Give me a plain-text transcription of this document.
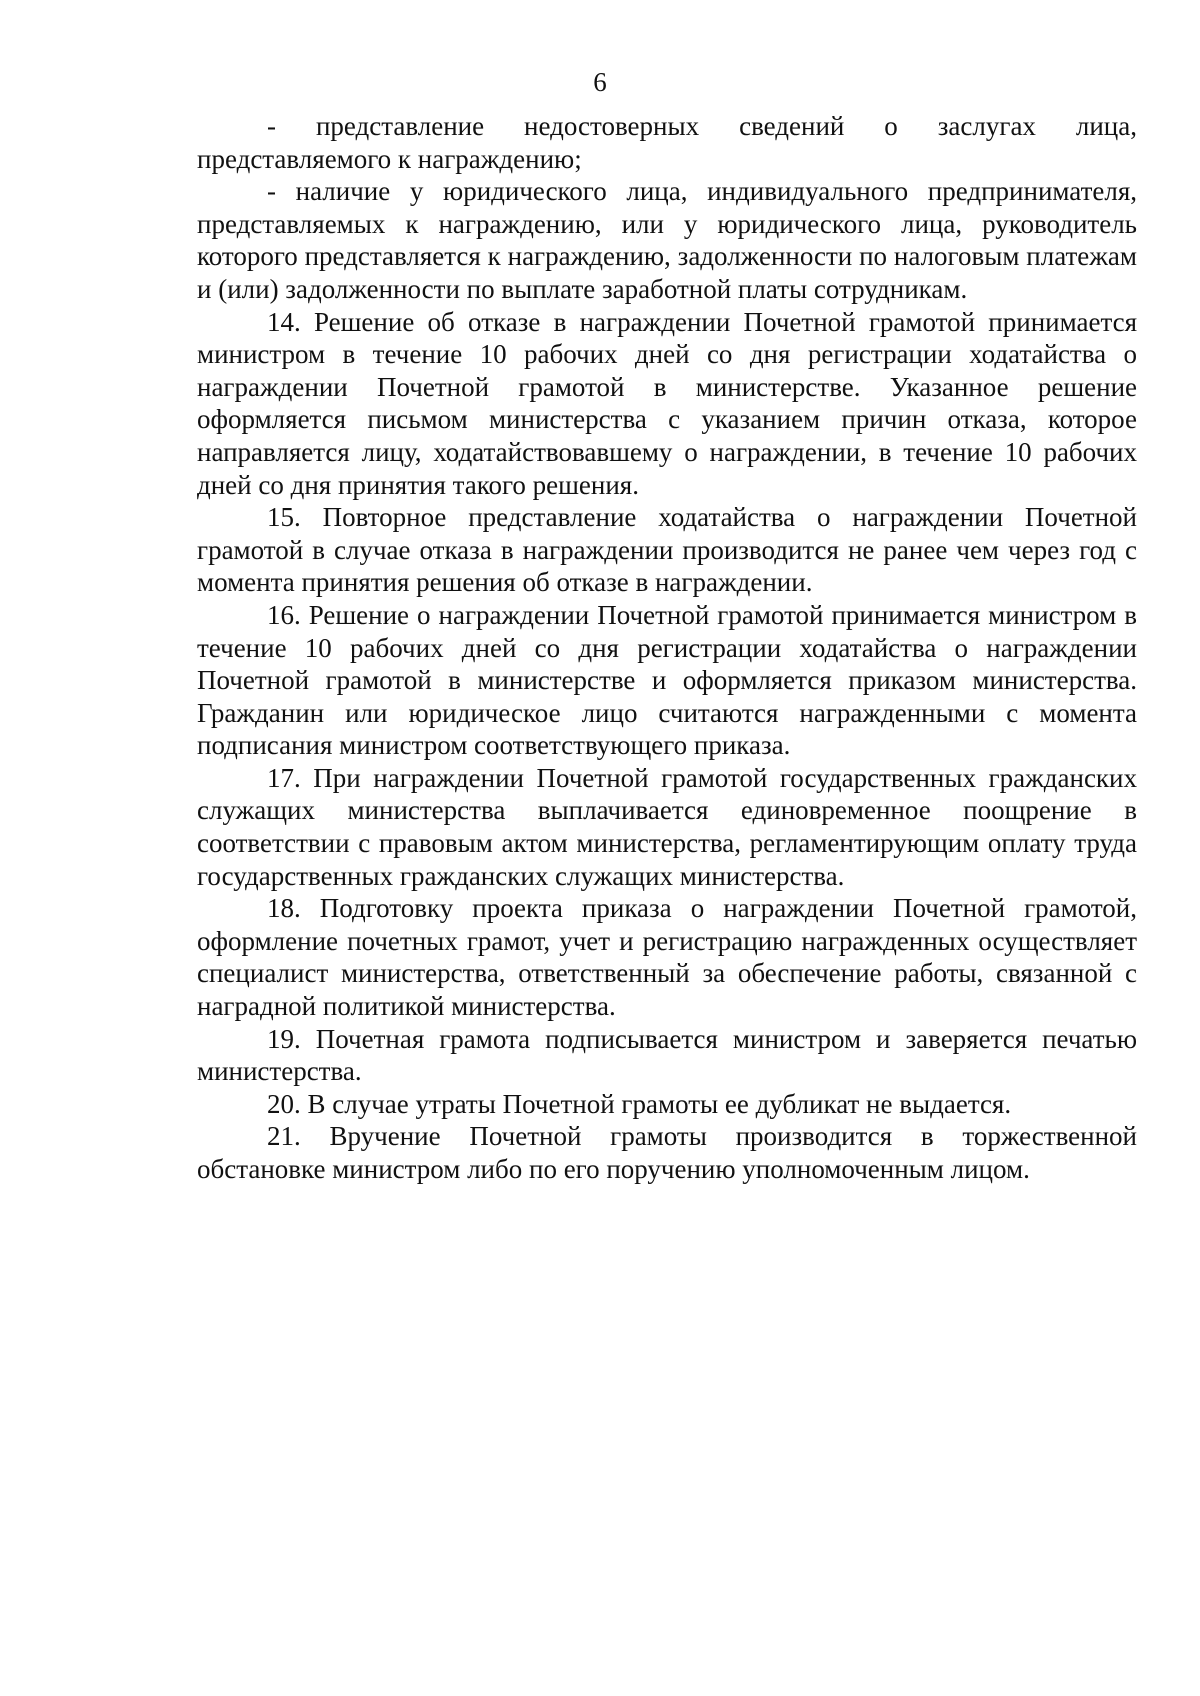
6

- представление недостоверных сведений о заслугах лица, представляемого к награждению;

- наличие у юридического лица, индивидуального предпринимателя, представляемых к награждению, или у юридического лица, руководитель которого представляется к награждению, задолженности по налоговым платежам и (или) задолженности по выплате заработной платы сотрудникам.

14. Решение об отказе в награждении Почетной грамотой принимается министром в течение 10 рабочих дней со дня регистрации ходатайства о награждении Почетной грамотой в министерстве. Указанное решение оформляется письмом министерства с указанием причин отказа, которое направляется лицу, ходатайствовавшему о награждении, в течение 10 рабочих дней со дня принятия такого решения.

15. Повторное представление ходатайства о награждении Почетной грамотой в случае отказа в награждении производится не ранее чем через год с момента принятия решения об отказе в награждении.

16. Решение о награждении Почетной грамотой принимается министром в течение 10 рабочих дней со дня регистрации ходатайства о награждении Почетной грамотой в министерстве и оформляется приказом министерства. Гражданин или юридическое лицо считаются награжденными с момента подписания министром соответствующего приказа.

17. При награждении Почетной грамотой государственных гражданских служащих министерства выплачивается единовременное поощрение в соответствии с правовым актом министерства, регламентирующим оплату труда государственных гражданских служащих министерства.

18. Подготовку проекта приказа о награждении Почетной грамотой, оформление почетных грамот, учет и регистрацию награжденных осуществляет специалист министерства, ответственный за обеспечение работы, связанной с наградной политикой министерства.

19. Почетная грамота подписывается министром и заверяется печатью министерства.

20. В случае утраты Почетной грамоты ее дубликат не выдается.

21. Вручение Почетной грамоты производится в торжественной обстановке министром либо по его поручению уполномоченным лицом.
